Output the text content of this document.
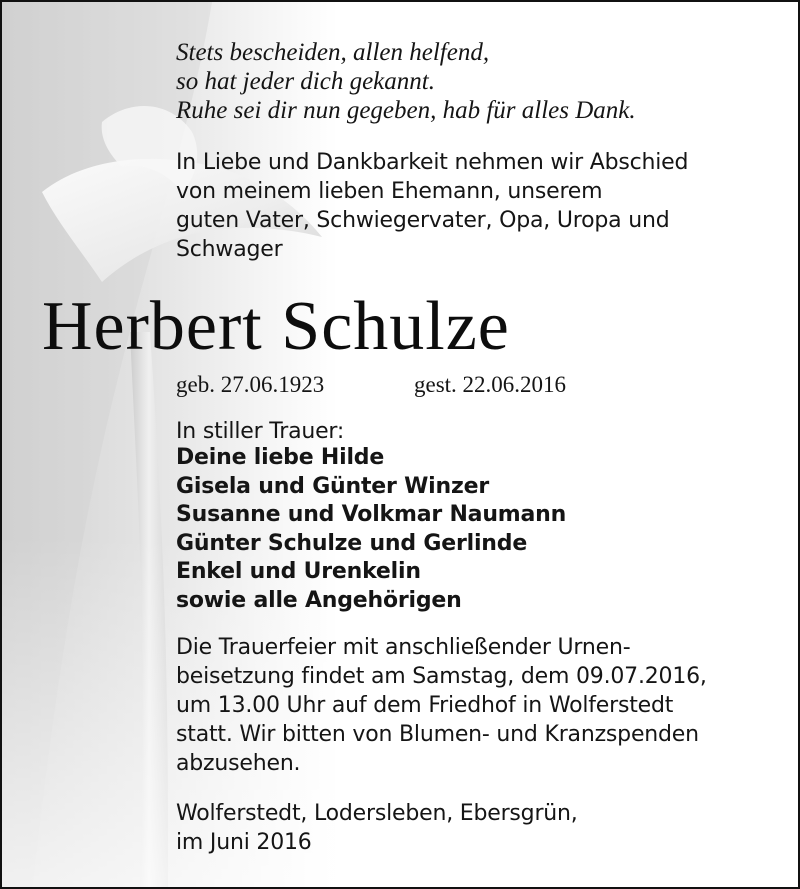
Stets bescheiden, allen helfend,
so hat jeder dich gekannt.
Ruhe sei dir nun gegeben, hab für alles Dank.
In Liebe und Dankbarkeit nehmen wir Abschied
von meinem lieben Ehemann, unserem
guten Vater, Schwiegervater, Opa, Uropa und
Schwager
Herbert Schulze
geb. 27.06.1923	gest. 22.06.2016
In stiller Trauer:
Deine liebe Hilde
Gisela und Günter Winzer
Susanne und Volkmar Naumann
Günter Schulze und Gerlinde
Enkel und Urenkelin
sowie alle Angehörigen
Die Trauerfeier mit anschließender Urnen-
beisetzung findet am Samstag, dem 09.07.2016,
um 13.00 Uhr auf dem Friedhof in Wolferstedt
statt. Wir bitten von Blumen- und Kranzspenden
abzusehen.
Wolferstedt, Lodersleben, Ebersgrün,
im Juni 2016
